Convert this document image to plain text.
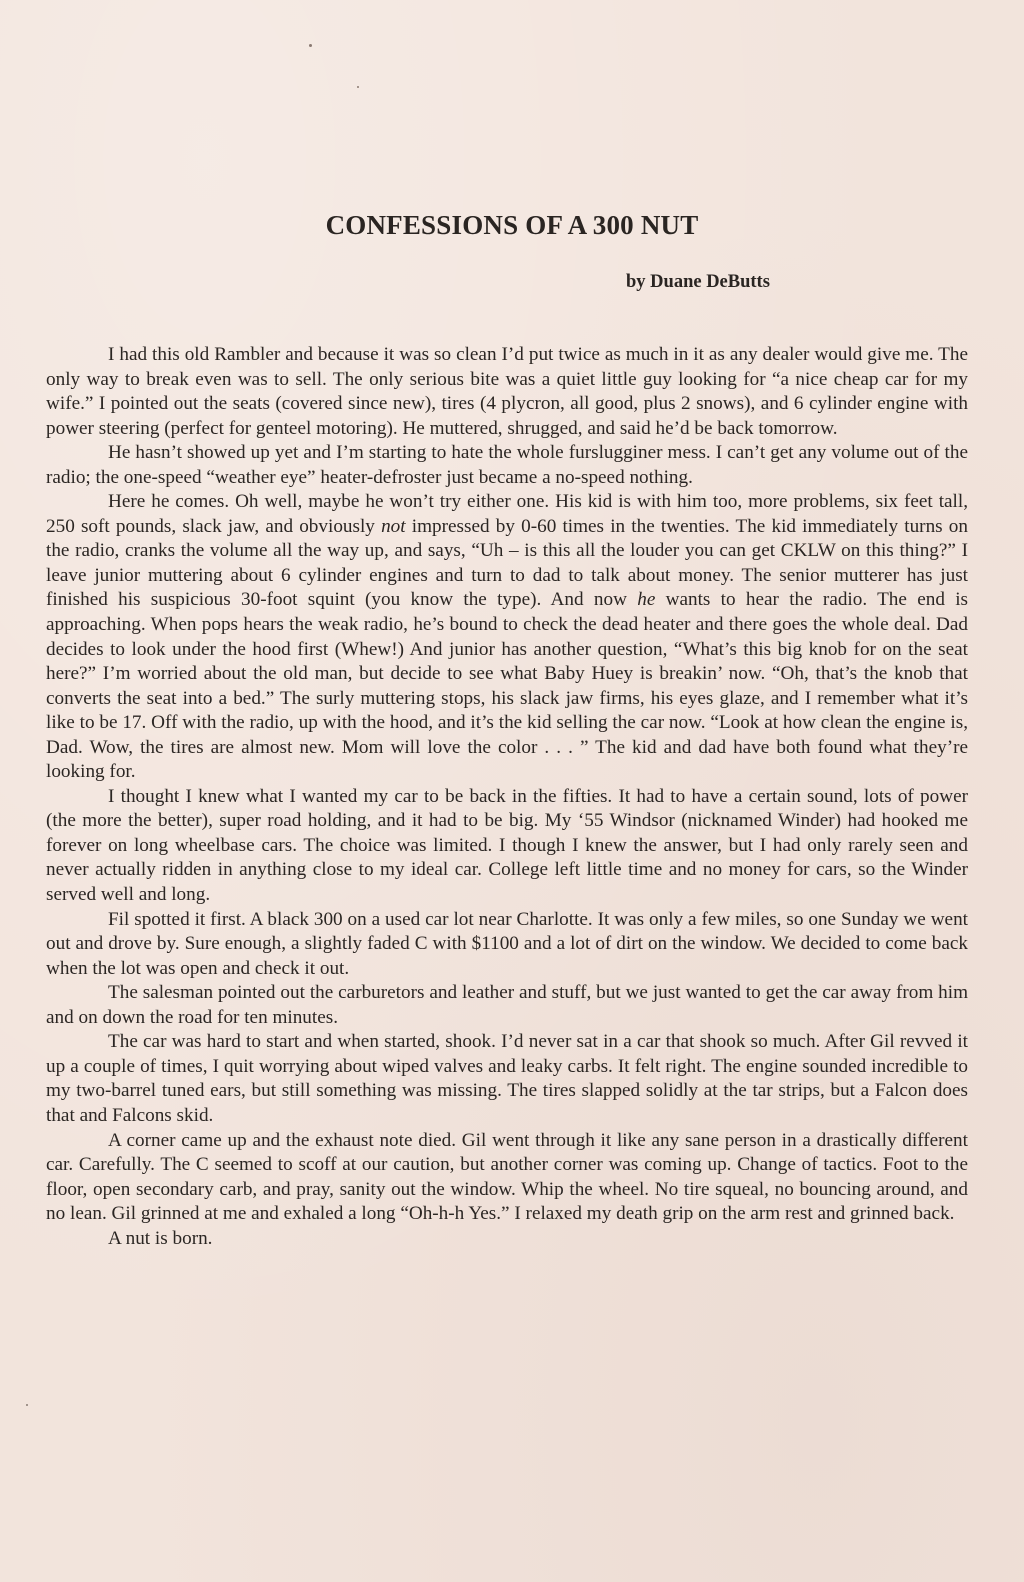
CONFESSIONS OF A 300 NUT
by Duane DeButts

I had this old Rambler and because it was so clean I’d put twice as much in it as any dealer would give me. The only way to break even was to sell. The only serious bite was a quiet little guy looking for “a nice cheap car for my wife.” I pointed out the seats (covered since new), tires (4 plycron, all good, plus 2 snows), and 6 cylinder engine with power steering (perfect for genteel motoring). He muttered, shrugged, and said he’d be back tomorrow.

He hasn’t showed up yet and I’m starting to hate the whole furslugginer mess. I can’t get any volume out of the radio; the one-speed “weather eye” heater-defroster just became a no-speed nothing.

Here he comes. Oh well, maybe he won’t try either one. His kid is with him too, more problems, six feet tall, 250 soft pounds, slack jaw, and obviously not impressed by 0-60 times in the twenties. The kid immediately turns on the radio, cranks the volume all the way up, and says, “Uh – is this all the louder you can get CKLW on this thing?” I leave junior muttering about 6 cylinder engines and turn to dad to talk about money. The senior mutterer has just finished his suspicious 30-foot squint (you know the type). And now he wants to hear the radio. The end is approaching. When pops hears the weak radio, he’s bound to check the dead heater and there goes the whole deal. Dad decides to look under the hood first (Whew!) And junior has another question, “What’s this big knob for on the seat here?” I’m worried about the old man, but decide to see what Baby Huey is breakin’ now. “Oh, that’s the knob that converts the seat into a bed.” The surly muttering stops, his slack jaw firms, his eyes glaze, and I remember what it’s like to be 17. Off with the radio, up with the hood, and it’s the kid selling the car now. “Look at how clean the engine is, Dad. Wow, the tires are almost new. Mom will love the color . . . ” The kid and dad have both found what they’re looking for.

I thought I knew what I wanted my car to be back in the fifties. It had to have a certain sound, lots of power (the more the better), super road holding, and it had to be big. My ‘55 Windsor (nicknamed Winder) had hooked me forever on long wheelbase cars. The choice was limited. I though I knew the answer, but I had only rarely seen and never actually ridden in anything close to my ideal car. College left little time and no money for cars, so the Winder served well and long.

Fil spotted it first. A black 300 on a used car lot near Charlotte. It was only a few miles, so one Sunday we went out and drove by. Sure enough, a slightly faded C with $1100 and a lot of dirt on the window. We decided to come back when the lot was open and check it out.

The salesman pointed out the carburetors and leather and stuff, but we just wanted to get the car away from him and on down the road for ten minutes.

The car was hard to start and when started, shook. I’d never sat in a car that shook so much. After Gil revved it up a couple of times, I quit worrying about wiped valves and leaky carbs. It felt right. The engine sounded incredible to my two-barrel tuned ears, but still something was missing. The tires slapped solidly at the tar strips, but a Falcon does that and Falcons skid.

A corner came up and the exhaust note died. Gil went through it like any sane person in a drastically different car. Carefully. The C seemed to scoff at our caution, but another corner was coming up. Change of tactics. Foot to the floor, open secondary carb, and pray, sanity out the window. Whip the wheel. No tire squeal, no bouncing around, and no lean. Gil grinned at me and exhaled a long “Oh-h-h Yes.” I relaxed my death grip on the arm rest and grinned back.

A nut is born.
